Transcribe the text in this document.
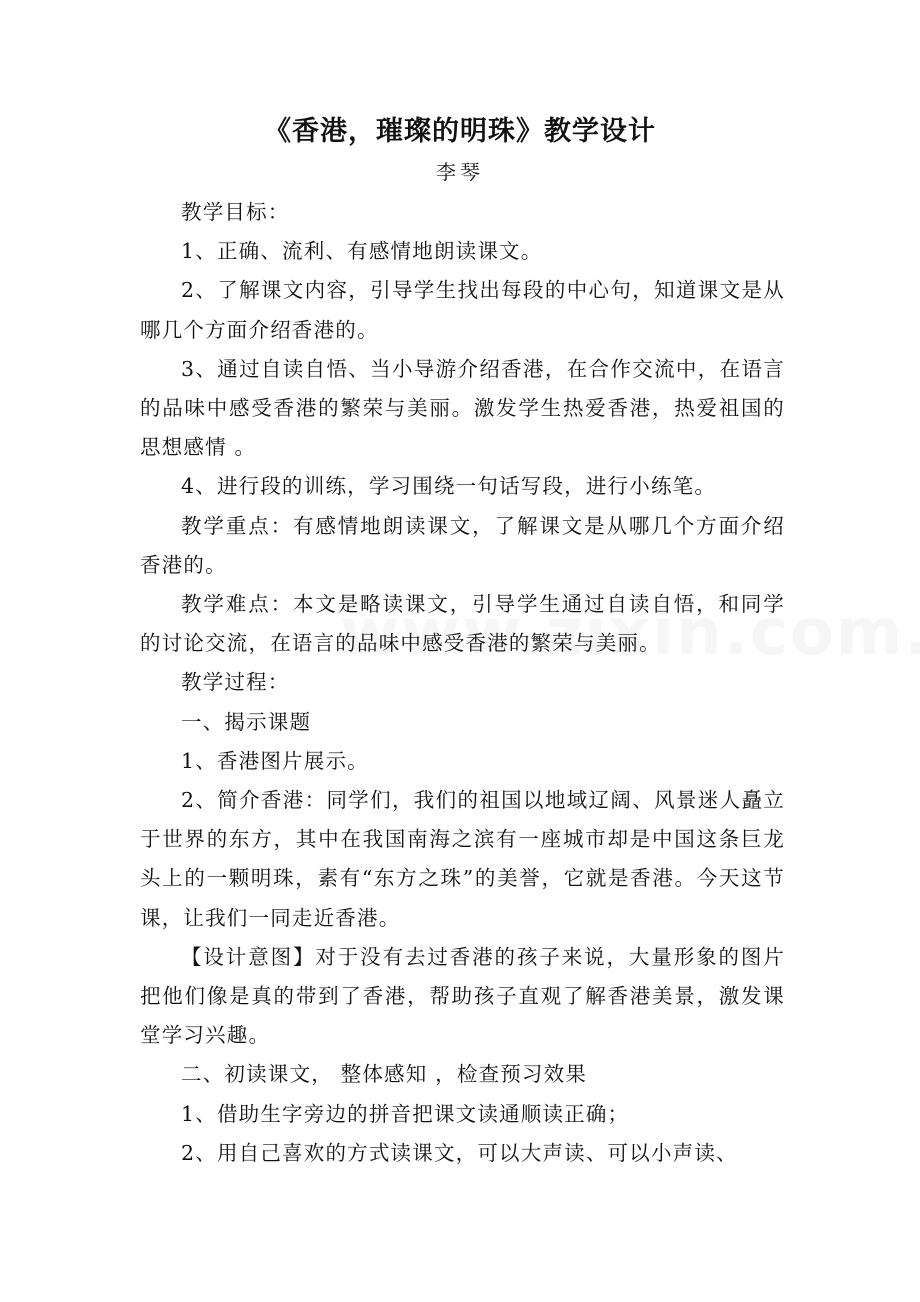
《香港，璀璨的明珠》教学设计
李琴

教学目标：

1、正确、流利、有感情地朗读课文。

2、了解课文内容，引导学生找出每段的中心句，知道课文是从哪几个方面介绍香港的。

3、通过自读自悟、当小导游介绍香港，在合作交流中，在语言的品味中感受香港的繁荣与美丽。激发学生热爱香港，热爱祖国的思想感情 。

4、进行段的训练，学习围绕一句话写段，进行小练笔。

教学重点：有感情地朗读课文，了解课文是从哪几个方面介绍香港的。

教学难点：本文是略读课文，引导学生通过自读自悟，和同学的讨论交流，在语言的品味中感受香港的繁荣与美丽。

教学过程：

一、揭示课题

1、香港图片展示。

2、简介香港：同学们，我们的祖国以地域辽阔、风景迷人矗立于世界的东方，其中在我国南海之滨有一座城市却是中国这条巨龙头上的一颗明珠，素有“东方之珠”的美誉，它就是香港。今天这节课，让我们一同走近香港。

【设计意图】对于没有去过香港的孩子来说，大量形象的图片把他们像是真的带到了香港，帮助孩子直观了解香港美景，激发课堂学习兴趣。

二、初读课文， 整体感知 ，检查预习效果

1、借助生字旁边的拼音把课文读通顺读正确；

2、用自己喜欢的方式读课文，可以大声读、可以小声读、
